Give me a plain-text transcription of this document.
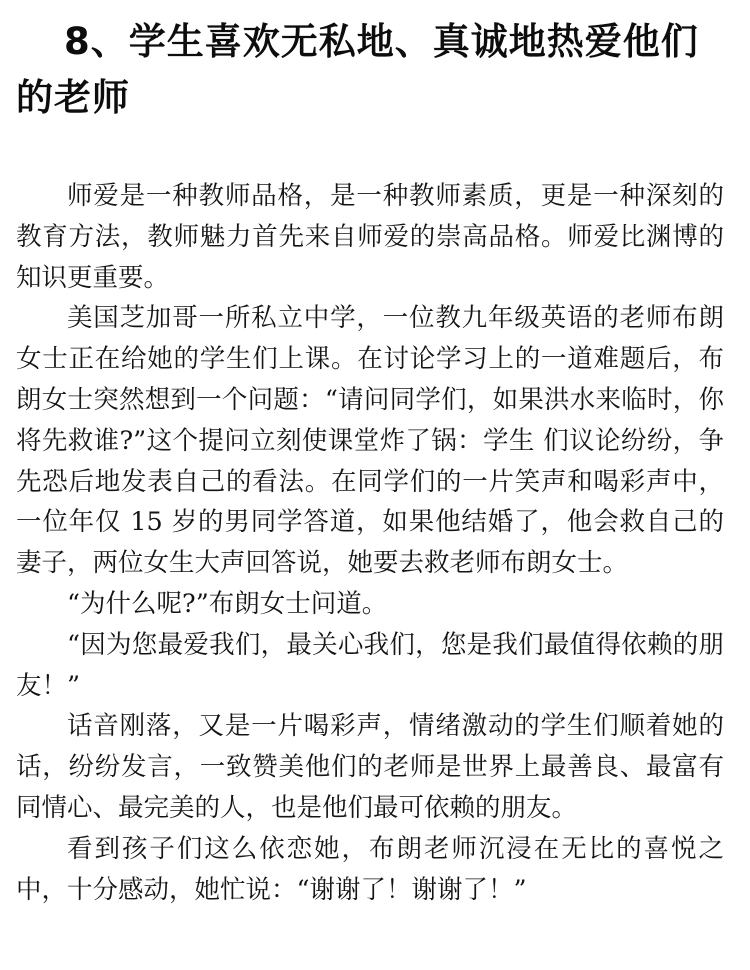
8、学生喜欢无私地、真诚地热爱他们的老师

师爱是一种教师品格，是一种教师素质，更是一种深刻的教育方法，教师魅力首先来自师爱的崇高品格。师爱比渊博的知识更重要。

美国芝加哥一所私立中学，一位教九年级英语的老师布朗女士正在给她的学生们上课。在讨论学习上的一道难题后，布朗女士突然想到一个问题：“请问同学们，如果洪水来临时，你将先救谁?”这个提问立刻使课堂炸了锅：学生 们议论纷纷，争先恐后地发表自己的看法。在同学们的一片笑声和喝彩声中，一位年仅 15 岁的男同学答道，如果他结婚了，他会救自己的妻子，两位女生大声回答说，她要去救老师布朗女士。

“为什么呢?”布朗女士问道。

“因为您最爱我们，最关心我们，您是我们最值得依赖的朋友！”

话音刚落，又是一片喝彩声，情绪激动的学生们顺着她的话，纷纷发言，一致赞美他们的老师是世界上最善良、最富有同情心、最完美的人，也是他们最可依赖的朋友。

看到孩子们这么依恋她，布朗老师沉浸在无比的喜悦之中，十分感动，她忙说：“谢谢了！谢谢了！”
